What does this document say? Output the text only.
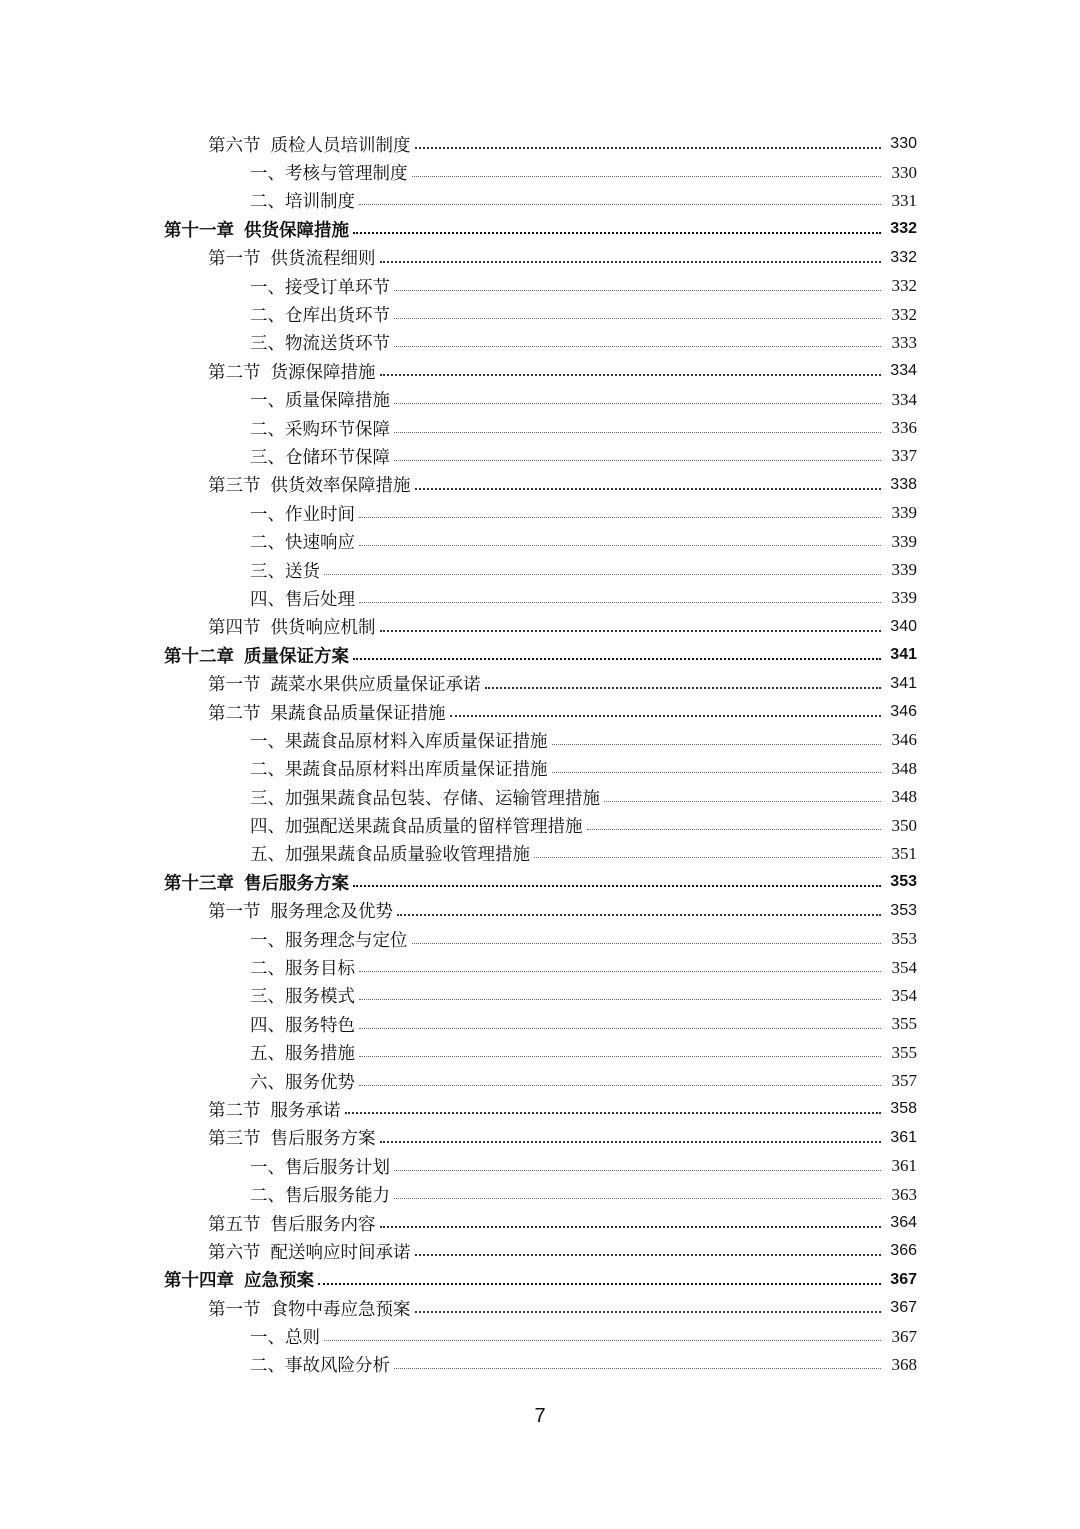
第六节 质检人员培训制度	330
一、考核与管理制度	330
二、培训制度	331
第十一章 供货保障措施	332
第一节 供货流程细则	332
一、接受订单环节	332
二、仓库出货环节	332
三、物流送货环节	333
第二节 货源保障措施	334
一、质量保障措施	334
二、采购环节保障	336
三、仓储环节保障	337
第三节 供货效率保障措施	338
一、作业时间	339
二、快速响应	339
三、送货	339
四、售后处理	339
第四节 供货响应机制	340
第十二章 质量保证方案	341
第一节 蔬菜水果供应质量保证承诺	341
第二节 果蔬食品质量保证措施	346
一、果蔬食品原材料入库质量保证措施	346
二、果蔬食品原材料出库质量保证措施	348
三、加强果蔬食品包装、存储、运输管理措施	348
四、加强配送果蔬食品质量的留样管理措施	350
五、加强果蔬食品质量验收管理措施	351
第十三章 售后服务方案	353
第一节 服务理念及优势	353
一、服务理念与定位	353
二、服务目标	354
三、服务模式	354
四、服务特色	355
五、服务措施	355
六、服务优势	357
第二节 服务承诺	358
第三节 售后服务方案	361
一、售后服务计划	361
二、售后服务能力	363
第五节 售后服务内容	364
第六节 配送响应时间承诺	366
第十四章 应急预案	367
第一节 食物中毒应急预案	367
一、总则	367
二、事故风险分析	368
7
